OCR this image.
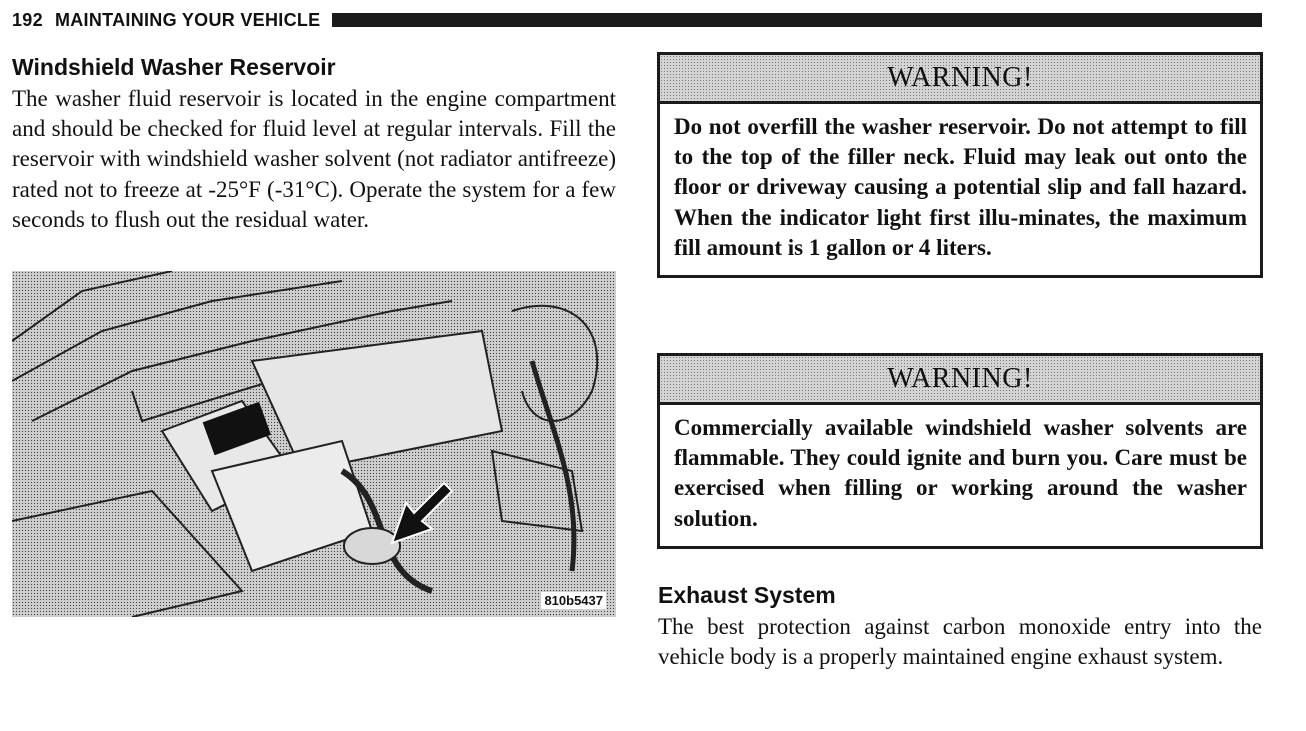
192 MAINTAINING YOUR VEHICLE
Windshield Washer Reservoir
The washer fluid reservoir is located in the engine compartment and should be checked for fluid level at regular intervals. Fill the reservoir with windshield washer solvent (not radiator antifreeze) rated not to freeze at -25°F (-31°C). Operate the system for a few seconds to flush out the residual water.
810b5437
WARNING!
Do not overfill the washer reservoir. Do not attempt to fill to the top of the filler neck. Fluid may leak out onto the floor or driveway causing a potential slip and fall hazard. When the indicator light first illu-minates, the maximum fill amount is 1 gallon or 4 liters.
WARNING!
Commercially available windshield washer solvents are flammable. They could ignite and burn you. Care must be exercised when filling or working around the washer solution.
Exhaust System
The best protection against carbon monoxide entry into the vehicle body is a properly maintained engine exhaust system.
